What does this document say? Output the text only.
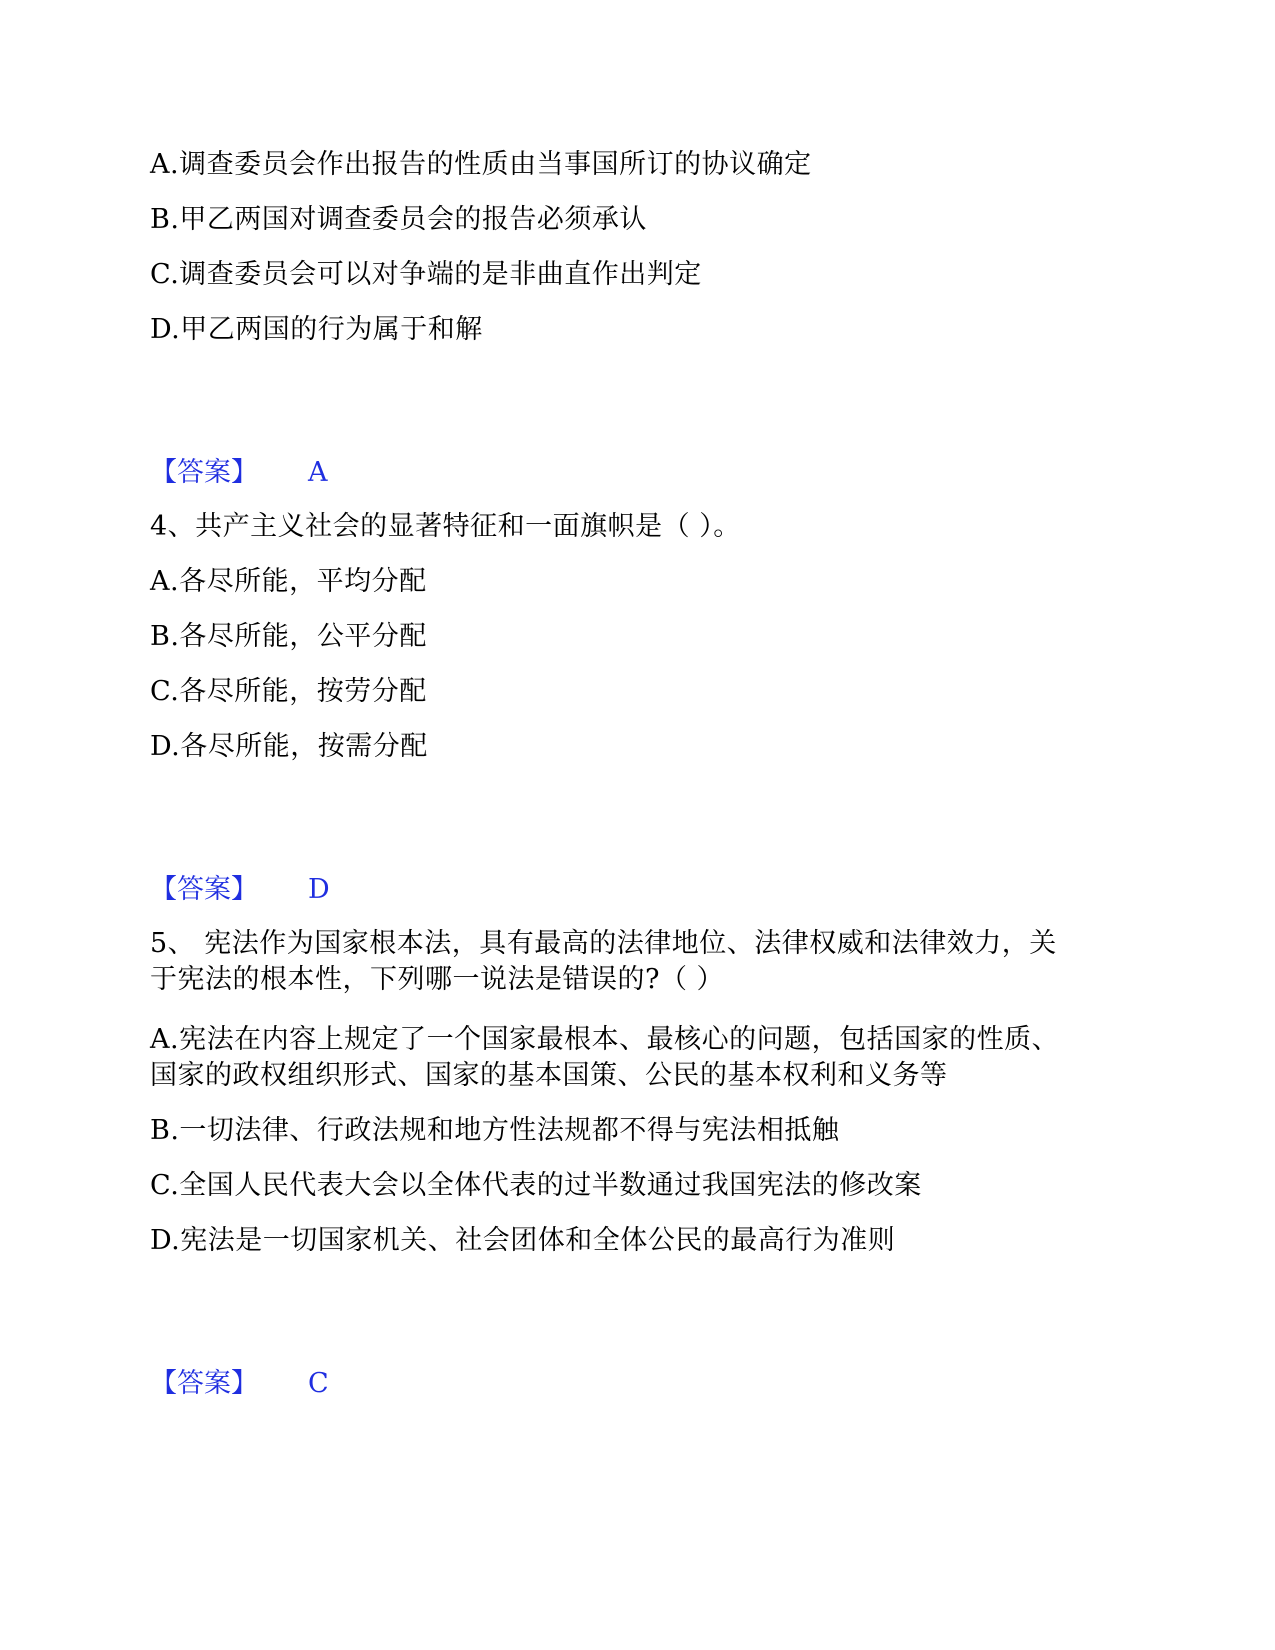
A.调查委员会作出报告的性质由当事国所订的协议确定
B.甲乙两国对调查委员会的报告必须承认
C.调查委员会可以对争端的是非曲直作出判定
D.甲乙两国的行为属于和解
【答案】 A
4、共产主义社会的显著特征和一面旗帜是（ ）。
A.各尽所能，平均分配
B.各尽所能，公平分配
C.各尽所能，按劳分配
D.各尽所能，按需分配
【答案】 D
5、 宪法作为国家根本法，具有最高的法律地位、法律权威和法律效力，关
于宪法的根本性，下列哪一说法是错误的?（ ）
A.宪法在内容上规定了一个国家最根本、最核心的问题，包括国家的性质、
国家的政权组织形式、国家的基本国策、公民的基本权利和义务等
B.一切法律、行政法规和地方性法规都不得与宪法相抵触
C.全国人民代表大会以全体代表的过半数通过我国宪法的修改案
D.宪法是一切国家机关、社会团体和全体公民的最高行为准则
【答案】 C
